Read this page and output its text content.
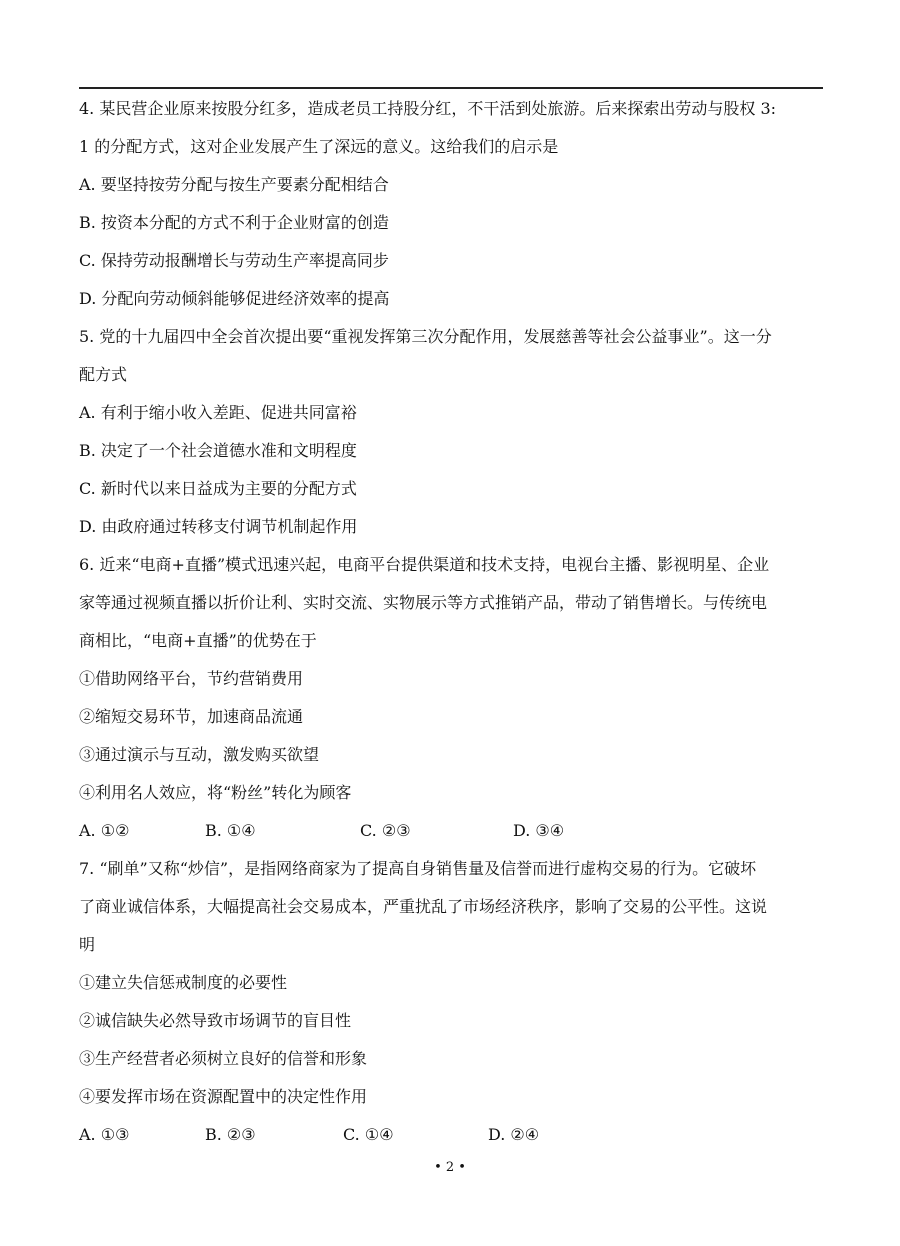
4. 某民营企业原来按股分红多，造成老员工持股分红，不干活到处旅游。后来探索出劳动与股权 3:
1 的分配方式，这对企业发展产生了深远的意义。这给我们的启示是
A. 要坚持按劳分配与按生产要素分配相结合
B. 按资本分配的方式不利于企业财富的创造
C. 保持劳动报酬增长与劳动生产率提高同步
D. 分配向劳动倾斜能够促进经济效率的提高
5. 党的十九届四中全会首次提出要“重视发挥第三次分配作用，发展慈善等社会公益事业”。这一分
配方式
A. 有利于缩小收入差距、促进共同富裕
B. 决定了一个社会道德水准和文明程度
C. 新时代以来日益成为主要的分配方式
D. 由政府通过转移支付调节机制起作用
6. 近来“电商+直播”模式迅速兴起，电商平台提供渠道和技术支持，电视台主播、影视明星、企业
家等通过视频直播以折价让利、实时交流、实物展示等方式推销产品，带动了销售增长。与传统电
商相比，“电商+直播”的优势在于
①借助网络平台，节约营销费用
②缩短交易环节，加速商品流通
③通过演示与互动，激发购买欲望
④利用名人效应，将“粉丝”转化为顾客
A. ①②	B. ①④	C. ②③	D. ③④
7. “刷单”又称“炒信”，是指网络商家为了提高自身销售量及信誉而进行虚构交易的行为。它破坏
了商业诚信体系，大幅提高社会交易成本，严重扰乱了市场经济秩序，影响了交易的公平性。这说
明
①建立失信惩戒制度的必要性
②诚信缺失必然导致市场调节的盲目性
③生产经营者必须树立良好的信誉和形象
④要发挥市场在资源配置中的决定性作用
A. ①③	B. ②③	C. ①④	D. ②④
• 2 •
